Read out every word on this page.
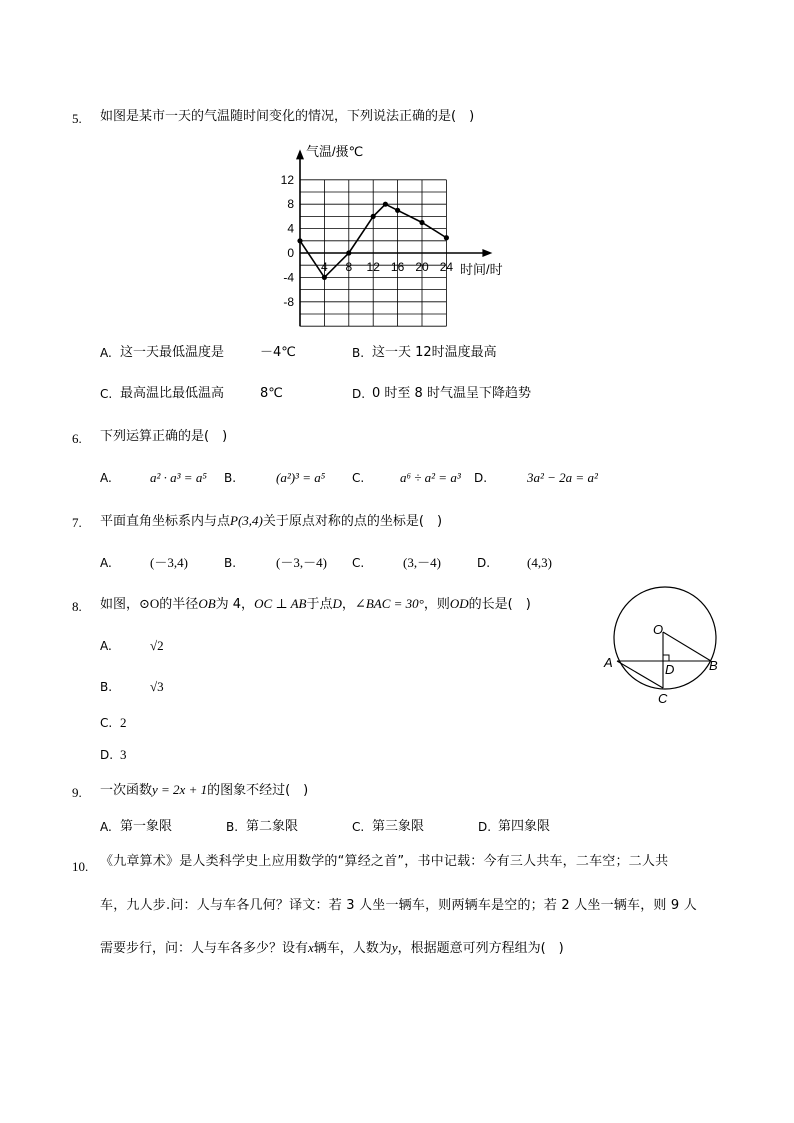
5. 如图是某市一天的气温随时间变化的情况，下列说法正确的是(　)
4 8 12 16 20 24
12
8
4
0
-4
-8
气温/摄℃
时间/时
A. 这一天最低温度是	－4℃	B. 这一天 12时温度最高
C. 最高温比最低温高	8℃	D. 0 时至 8 时气温呈下降趋势
6. 下列运算正确的是(　)
A.	a² · a³ = a⁵ B.	(a²)³ = a⁵ C.	a⁶ ÷ a² = a³ D.	3a² − 2a = a²
7. 平面直角坐标系内与点P(3,4)关于原点对称的点的坐标是(　)
A.	(－3,4)	B.	(－3,－4) C.	(3,－4)	D.	(4,3)
8. 如图，⊙O的半径OB为 4，OC ⊥ AB于点D，∠BAC = 30°，则OD的长是(　)
A.	√2
B.	√3
C. 2
D. 3
O
A	B
D
C
9. 一次函数y = 2x + 1的图象不经过(　)
A. 第一象限	B. 第二象限	C. 第三象限	D. 第四象限
10. 《九章算术》是人类科学史上应用数学的“算经之首”，书中记载：今有三人共车，二车空；二人共
车，九人步.问：人与车各几何？译文：若 3 人坐一辆车，则两辆车是空的；若 2 人坐一辆车，则 9 人
需要步行，问：人与车各多少？设有x辆车，人数为y，根据题意可列方程组为(　)
